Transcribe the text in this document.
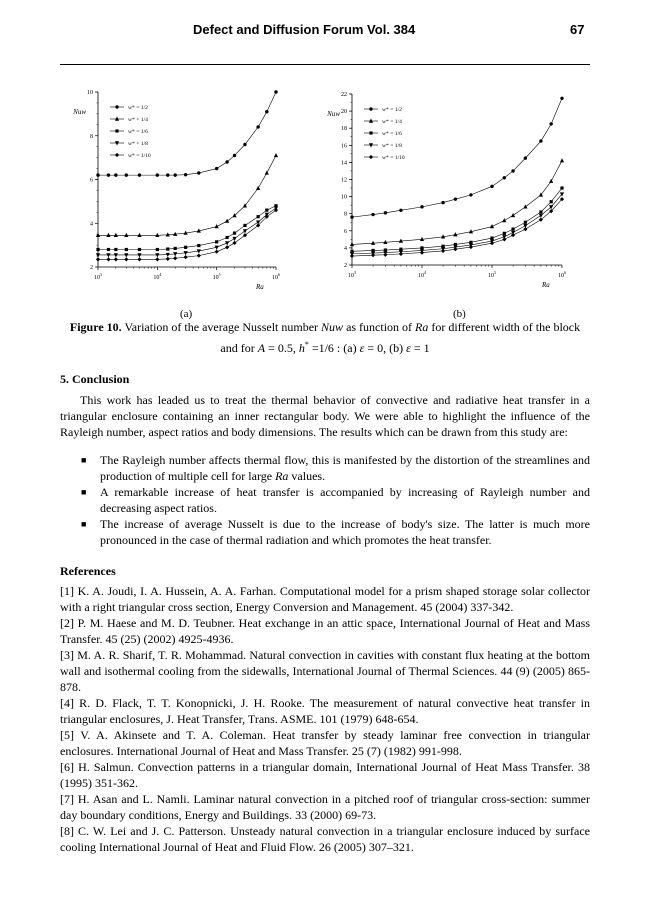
Defect and Diffusion Forum Vol. 384	67
2
4
6
8
10
$10^3$
$10^4$
$10^5$
$10^6$
Nuw
Ra
w* = 1/2
w* = 1/4
w* = 1/6
w* = 1/8
w* = 1/10
2
4
6
8
10
12
14
16
18
20
22
$10^3$
$10^4$
$10^5$
$10^6$
Nuw
Ra
w* = 1/2
w* = 1/4
w* = 1/6
w* = 1/8
w* = 1/10
(a)	(b)
Figure 10. Variation of the average Nusselt number Nuw as function of Ra for different width of the block and for A = 0.5, h* =1/6 : (a) ε = 0, (b) ε = 1
5. Conclusion
This work has leaded us to treat the thermal behavior of convective and radiative heat transfer in a triangular enclosure containing an inner rectangular body. We were able to highlight the influence of the Rayleigh number, aspect ratios and body dimensions. The results which can be drawn from this study are:
■ The Rayleigh number affects thermal flow, this is manifested by the distortion of the streamlines and production of multiple cell for large Ra values.
■ A remarkable increase of heat transfer is accompanied by increasing of Rayleigh number and decreasing aspect ratios.
■ The increase of average Nusselt is due to the increase of body's size. The latter is much more pronounced in the case of thermal radiation and which promotes the heat transfer.
References
[1] K. A. Joudi, I. A. Hussein, A. A. Farhan. Computational model for a prism shaped storage solar collector with a right triangular cross section, Energy Conversion and Management. 45 (2004) 337-342.
[2] P. M. Haese and M. D. Teubner. Heat exchange in an attic space, International Journal of Heat and Mass Transfer. 45 (25) (2002) 4925-4936.
[3] M. A. R. Sharif, T. R. Mohammad. Natural convection in cavities with constant flux heating at the bottom wall and isothermal cooling from the sidewalls, International Journal of Thermal Sciences. 44 (9) (2005) 865-878.
[4] R. D. Flack, T. T. Konopnicki, J. H. Rooke. The measurement of natural convective heat transfer in triangular enclosures, J. Heat Transfer, Trans. ASME. 101 (1979) 648-654.
[5] V. A. Akinsete and T. A. Coleman. Heat transfer by steady laminar free convection in triangular enclosures. International Journal of Heat and Mass Transfer. 25 (7) (1982) 991-998.
[6] H. Salmun. Convection patterns in a triangular domain, International Journal of Heat Mass Transfer. 38 (1995) 351-362.
[7] H. Asan and L. Namli. Laminar natural convection in a pitched roof of triangular cross-section: summer day boundary conditions, Energy and Buildings. 33 (2000) 69-73.
[8] C. W. Lei and J. C. Patterson. Unsteady natural convection in a triangular enclosure induced by surface cooling International Journal of Heat and Fluid Flow. 26 (2005) 307–321.
